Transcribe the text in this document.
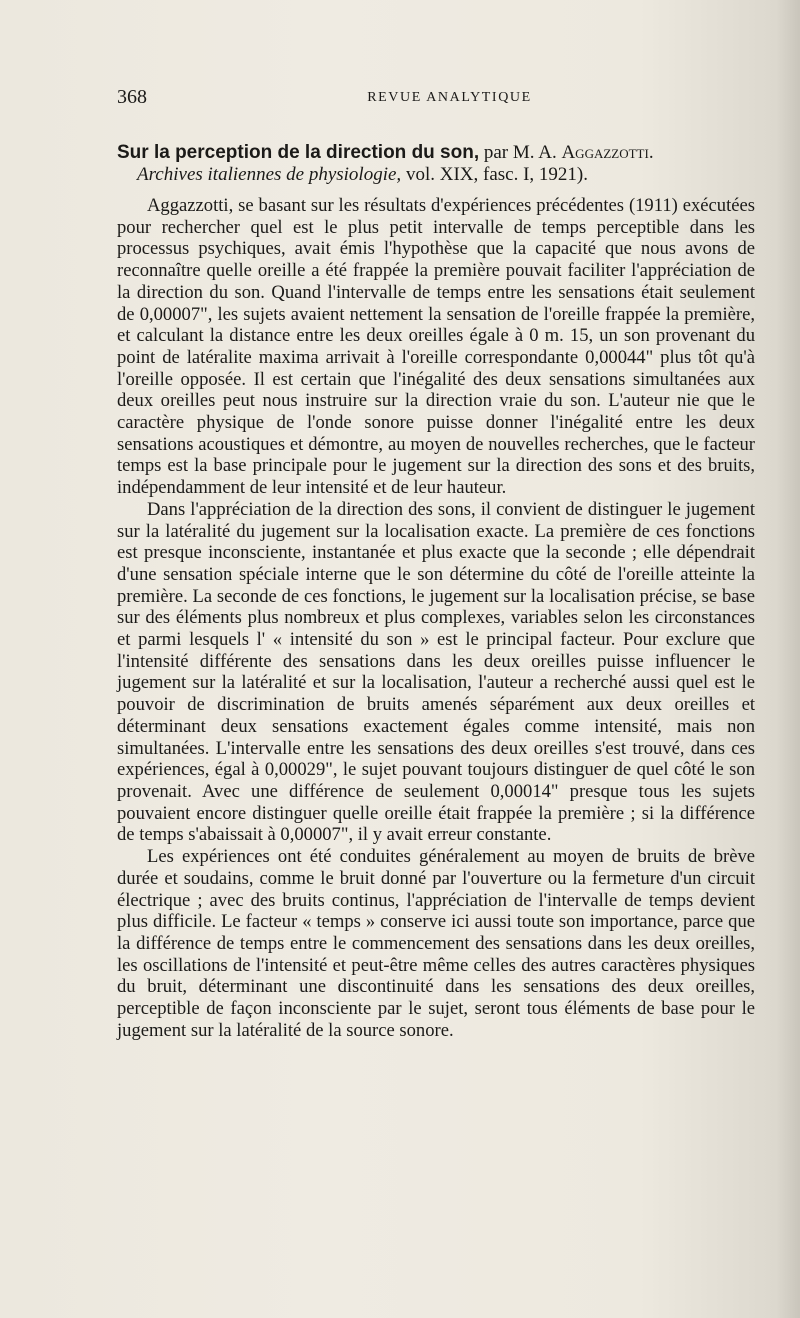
368	REVUE ANALYTIQUE

Sur la perception de la direction du son, par M. A. Aggazzotti.
Archives italiennes de physiologie, vol. XIX, fasc. I, 1921).

Aggazzotti, se basant sur les résultats d'expériences précédentes (1911) exécutées pour rechercher quel est le plus petit intervalle de temps perceptible dans les processus psychiques, avait émis l'hypothèse que la capacité que nous avons de reconnaître quelle oreille a été frappée la première pouvait faciliter l'appréciation de la direction du son. Quand l'intervalle de temps entre les sensations était seulement de 0,00007", les sujets avaient nettement la sensation de l'oreille frappée la première, et calculant la distance entre les deux oreilles égale à 0 m. 15, un son provenant du point de latéralite maxima arrivait à l'oreille correspondante 0,00044" plus tôt qu'à l'oreille opposée. Il est certain que l'inégalité des deux sensations simultanées aux deux oreilles peut nous instruire sur la direction vraie du son. L'auteur nie que le caractère physique de l'onde sonore puisse donner l'inégalité entre les deux sensations acoustiques et démontre, au moyen de nouvelles recherches, que le facteur temps est la base principale pour le jugement sur la direction des sons et des bruits, indépendamment de leur intensité et de leur hauteur.

Dans l'appréciation de la direction des sons, il convient de distinguer le jugement sur la latéralité du jugement sur la localisation exacte. La première de ces fonctions est presque inconsciente, instantanée et plus exacte que la seconde ; elle dépendrait d'une sensation spéciale interne que le son détermine du côté de l'oreille atteinte la première. La seconde de ces fonctions, le jugement sur la localisation précise, se base sur des éléments plus nombreux et plus complexes, variables selon les circonstances et parmi lesquels l' « intensité du son » est le principal facteur. Pour exclure que l'intensité différente des sensations dans les deux oreilles puisse influencer le jugement sur la latéralité et sur la localisation, l'auteur a recherché aussi quel est le pouvoir de discrimination de bruits amenés séparément aux deux oreilles et déterminant deux sensations exactement égales comme intensité, mais non simultanées. L'intervalle entre les sensations des deux oreilles s'est trouvé, dans ces expériences, égal à 0,00029", le sujet pouvant toujours distinguer de quel côté le son provenait. Avec une différence de seulement 0,00014" presque tous les sujets pouvaient encore distinguer quelle oreille était frappée la première ; si la différence de temps s'abaissait à 0,00007", il y avait erreur constante.

Les expériences ont été conduites généralement au moyen de bruits de brève durée et soudains, comme le bruit donné par l'ouverture ou la fermeture d'un circuit électrique ; avec des bruits continus, l'appréciation de l'intervalle de temps devient plus difficile. Le facteur « temps » conserve ici aussi toute son importance, parce que la différence de temps entre le commencement des sensations dans les deux oreilles, les oscillations de l'intensité et peut-être même celles des autres caractères physiques du bruit, déterminant une discontinuité dans les sensations des deux oreilles, perceptible de façon inconsciente par le sujet, seront tous éléments de base pour le jugement sur la latéralité de la source sonore.
